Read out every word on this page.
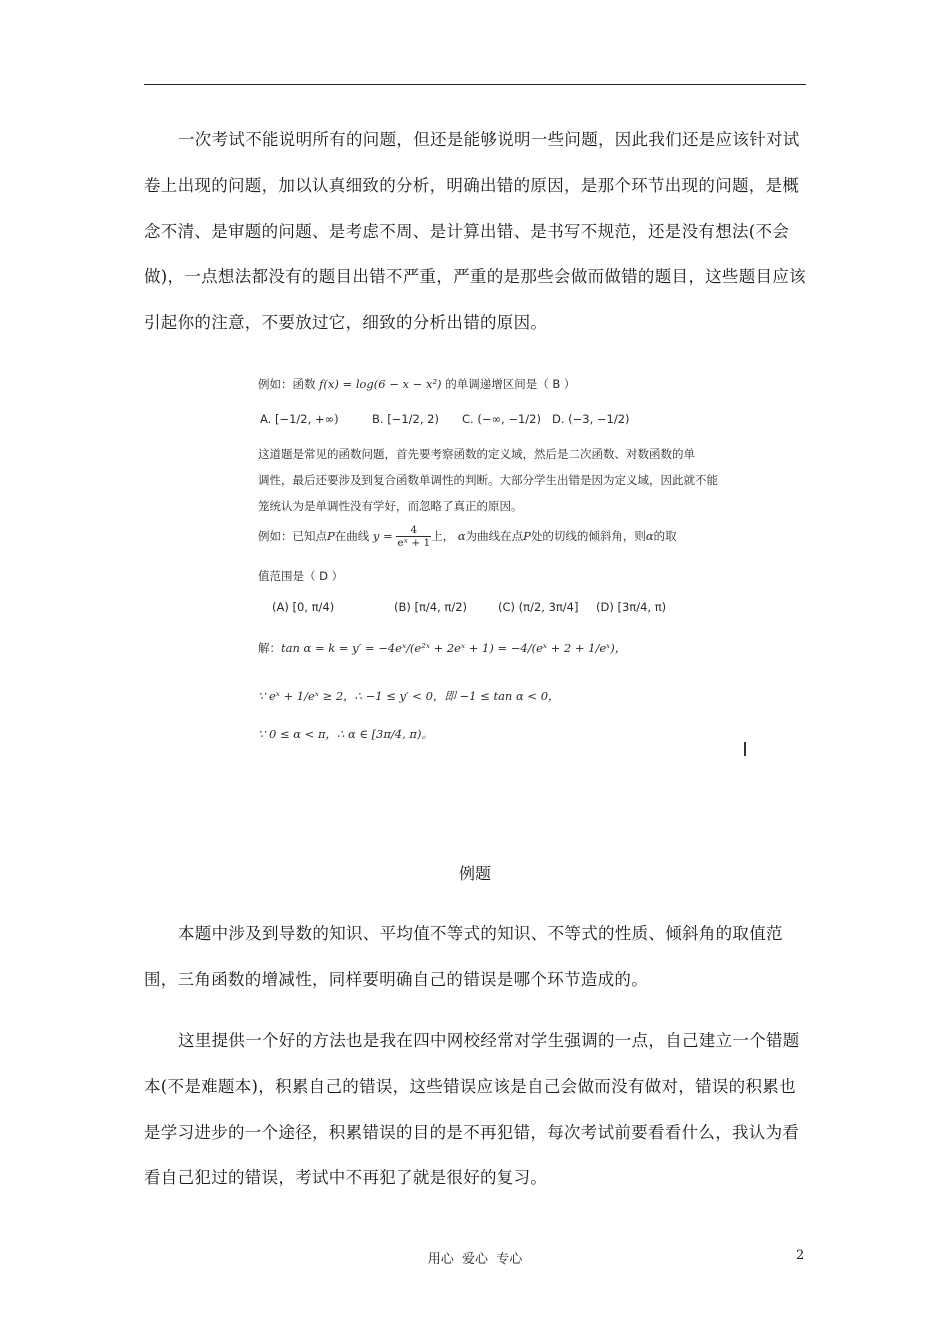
一次考试不能说明所有的问题，但还是能够说明一些问题，因此我们还是应该针对试卷上出现的问题，加以认真细致的分析，明确出错的原因，是那个环节出现的问题，是概念不清、是审题的问题、是考虑不周、是计算出错、是书写不规范，还是没有想法(不会做)，一点想法都没有的题目出错不严重，严重的是那些会做而做错的题目，这些题目应该引起你的注意，不要放过它，细致的分析出错的原因。

例如：函数 f(x) = log(6 − x − x²) 的单调递增区间是（ B ）
A. [−1/2, +∞)	B. [−1/2, 2) C. (−∞, −1/2) D. (−3, −1/2)
这道题是常见的函数问题，首先要考察函数的定义域，然后是二次函数、对数函数的单
调性，最后还要涉及到复合函数单调性的判断。大部分学生出错是因为定义域，因此就不能
笼统认为是单调性没有学好，而忽略了真正的原因。
例如：已知点P在曲线 $y = \frac{4}{\text{eˣ + 1}}$ 上， α为曲线在点P处的切线的倾斜角，则α的取
值范围是（ D ）
(A) [0, π/4)	(B) [π/4, π/2)	(C) (π/2, 3π/4] (D) [3π/4, π)
解：tan α = k = y′ = −4eˣ/(e²ˣ + 2eˣ + 1) = −4/(eˣ + 2 + 1/eˣ)，
∵ eˣ + 1/eˣ ≥ 2，∴ −1 ≤ y′ < 0，即 −1 ≤ tan α < 0，
∵ 0 ≤ α < π，∴ α ∈ [3π/4, π)。
例题

本题中涉及到导数的知识、平均值不等式的知识、不等式的性质、倾斜角的取值范围，三角函数的增减性，同样要明确自己的错误是哪个环节造成的。

这里提供一个好的方法也是我在四中网校经常对学生强调的一点，自己建立一个错题本(不是难题本)，积累自己的错误，这些错误应该是自己会做而没有做对，错误的积累也是学习进步的一个途径，积累错误的目的是不再犯错，每次考试前要看看什么，我认为看看自己犯过的错误，考试中不再犯了就是很好的复习。

用心  爱心  专心	2
